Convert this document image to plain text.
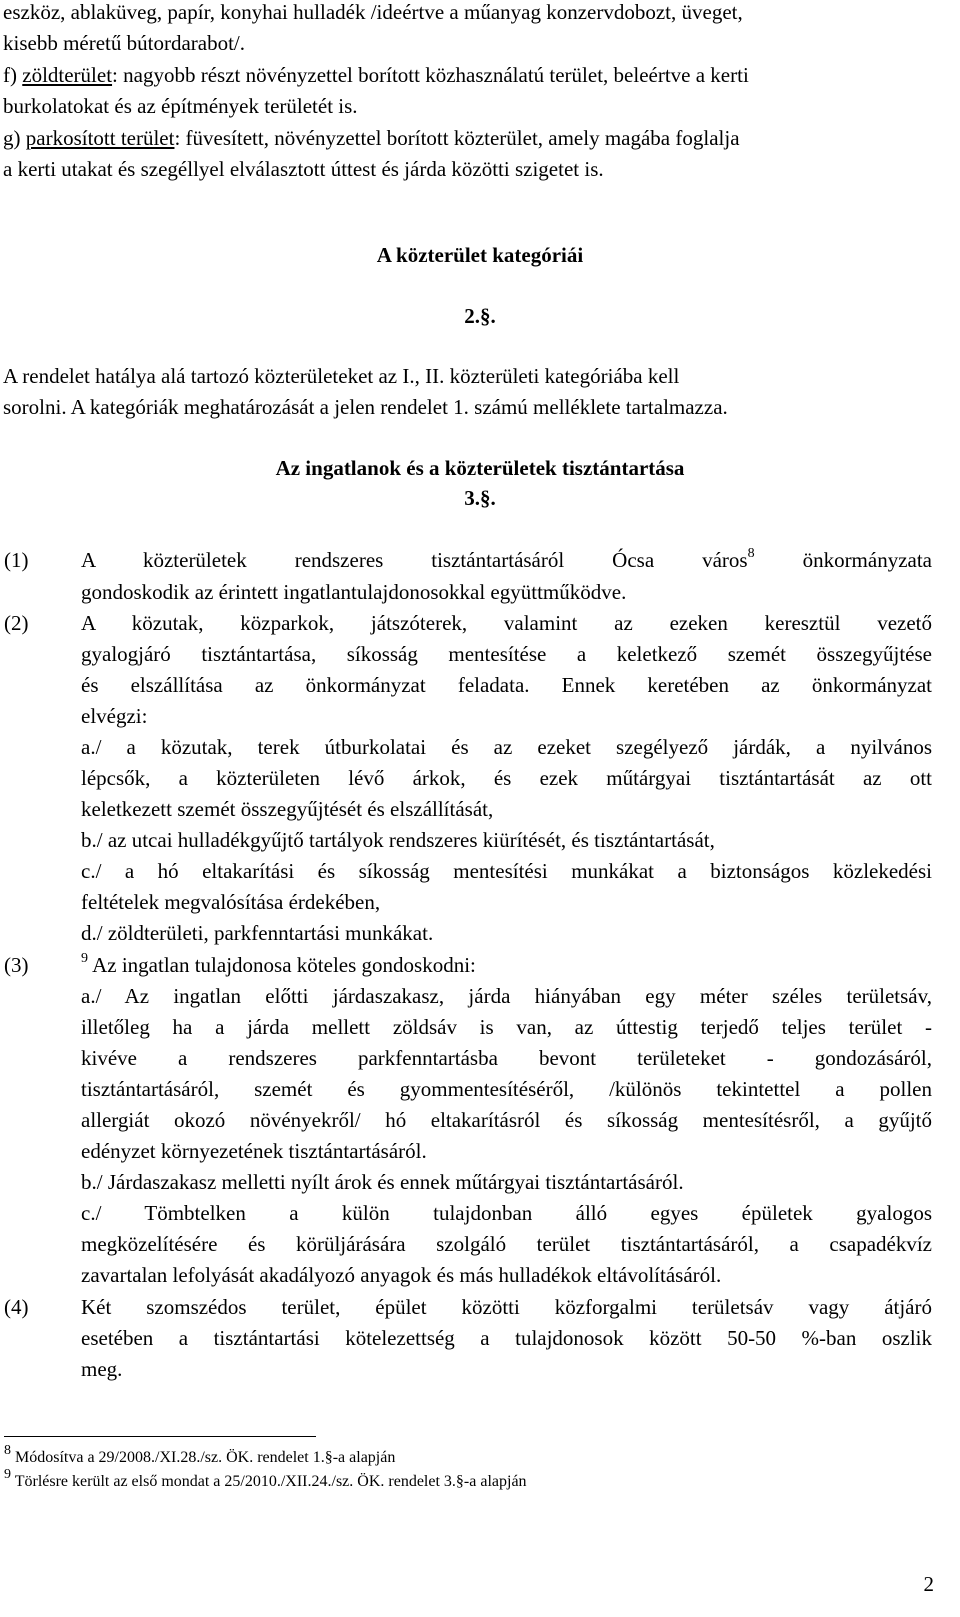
eszköz, ablaküveg, papír, konyhai hulladék /ideértve a műanyag konzervdobozt, üveget,
kisebb méretű bútordarabot/.
f) zöldterület: nagyobb részt növényzettel borított közhasználatú terület, beleértve a kerti
burkolatokat és az építmények területét is.
g) parkosított terület: füvesített, növényzettel borított közterület, amely magába foglalja
a kerti utakat és szegéllyel elválasztott úttest és járda közötti szigetet is.
A közterület kategóriái
2.§.
A rendelet hatálya alá tartozó közterületeket az I., II. közterületi kategóriába kell
sorolni. A kategóriák meghatározását a jelen rendelet 1. számú melléklete tartalmazza.
Az ingatlanok és a közterületek tisztántartása
3.§.
(1)	A közterületek rendszeres tisztántartásáról Ócsa város$^8$ önkormányzata
gondoskodik az érintett ingatlantulajdonosokkal együttműködve.
(2)	A közutak, közparkok, játszóterek, valamint az ezeken keresztül vezető
gyalogjáró tisztántartása, síkosság mentesítése a keletkező szemét összegyűjtése
és elszállítása az önkormányzat feladata. Ennek keretében az önkormányzat
elvégzi:
a./ a közutak, terek útburkolatai és az ezeket szegélyező járdák, a nyilvános
lépcsők, a közterületen lévő árkok, és ezek műtárgyai tisztántartását az ott
keletkezett szemét összegyűjtését és elszállítását,
b./ az utcai hulladékgyűjtő tartályok rendszeres kiürítését, és tisztántartását,
c./ a hó eltakarítási és síkosság mentesítési munkákat a biztonságos közlekedési
feltételek megvalósítása érdekében,
d./ zöldterületi, parkfenntartási munkákat.
(3)	$^9$ Az ingatlan tulajdonosa köteles gondoskodni:
a./ Az ingatlan előtti járdaszakasz, járda hiányában egy méter széles területsáv,
illetőleg ha a járda mellett zöldsáv is van, az úttestig terjedő teljes terület -
kivéve a rendszeres parkfenntartásba bevont területeket - gondozásáról,
tisztántartásáról, szemét és gyommentesítéséről, /különös tekintettel a pollen
allergiát okozó növényekről/ hó eltakarításról és síkosság mentesítésről, a gyűjtő
edényzet környezetének tisztántartásáról.
b./ Járdaszakasz melletti nyílt árok és ennek műtárgyai tisztántartásáról.
c./ Tömbtelken a külön tulajdonban álló egyes épületek gyalogos
megközelítésére és körüljárására szolgáló terület tisztántartásáról, a csapadékvíz
zavartalan lefolyását akadályozó anyagok és más hulladékok eltávolításáról.
(4)	Két szomszédos terület, épület közötti közforgalmi területsáv vagy átjáró
esetében a tisztántartási kötelezettség a tulajdonosok között 50-50 %-ban oszlik
meg.
$^8$ Módosítva a 29/2008./XI.28./sz. ÖK. rendelet 1.§-a alapján
$^9$ Törlésre került az első mondat a 25/2010./XII.24./sz. ÖK. rendelet 3.§-a alapján
2
